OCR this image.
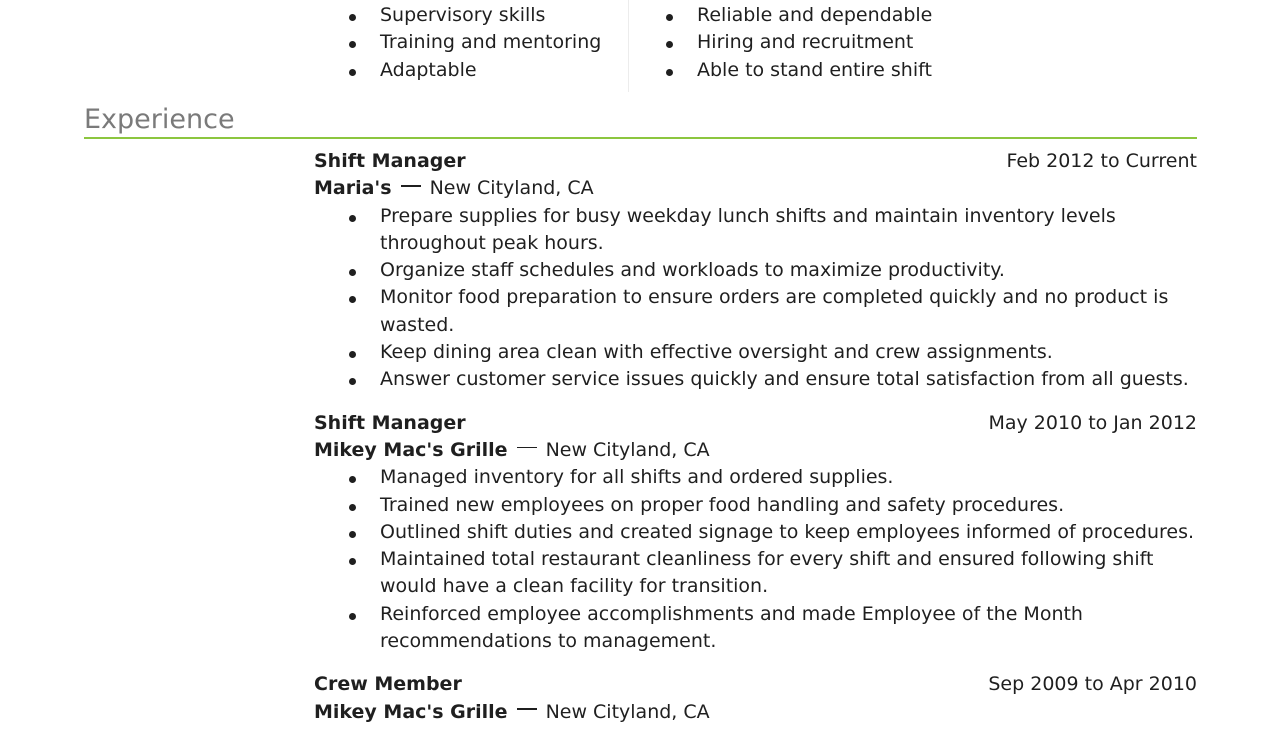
Supervisory skills
Training and mentoring
Adaptable
Reliable and dependable
Hiring and recruitment
Able to stand entire shift
Experience
Shift Manager	Feb 2012 to Current
Maria's New Cityland, CA
Prepare supplies for busy weekday lunch shifts and maintain inventory levels throughout peak hours.
Organize staff schedules and workloads to maximize productivity.
Monitor food preparation to ensure orders are completed quickly and no product is wasted.
Keep dining area clean with effective oversight and crew assignments.
Answer customer service issues quickly and ensure total satisfaction from all guests.
Shift Manager	May 2010 to Jan 2012
Mikey Mac's Grille New Cityland, CA
Managed inventory for all shifts and ordered supplies.
Trained new employees on proper food handling and safety procedures.
Outlined shift duties and created signage to keep employees informed of procedures.
Maintained total restaurant cleanliness for every shift and ensured following shift would have a clean facility for transition.
Reinforced employee accomplishments and made Employee of the Month recommendations to management.
Crew Member	Sep 2009 to Apr 2010
Mikey Mac's Grille New Cityland, CA
